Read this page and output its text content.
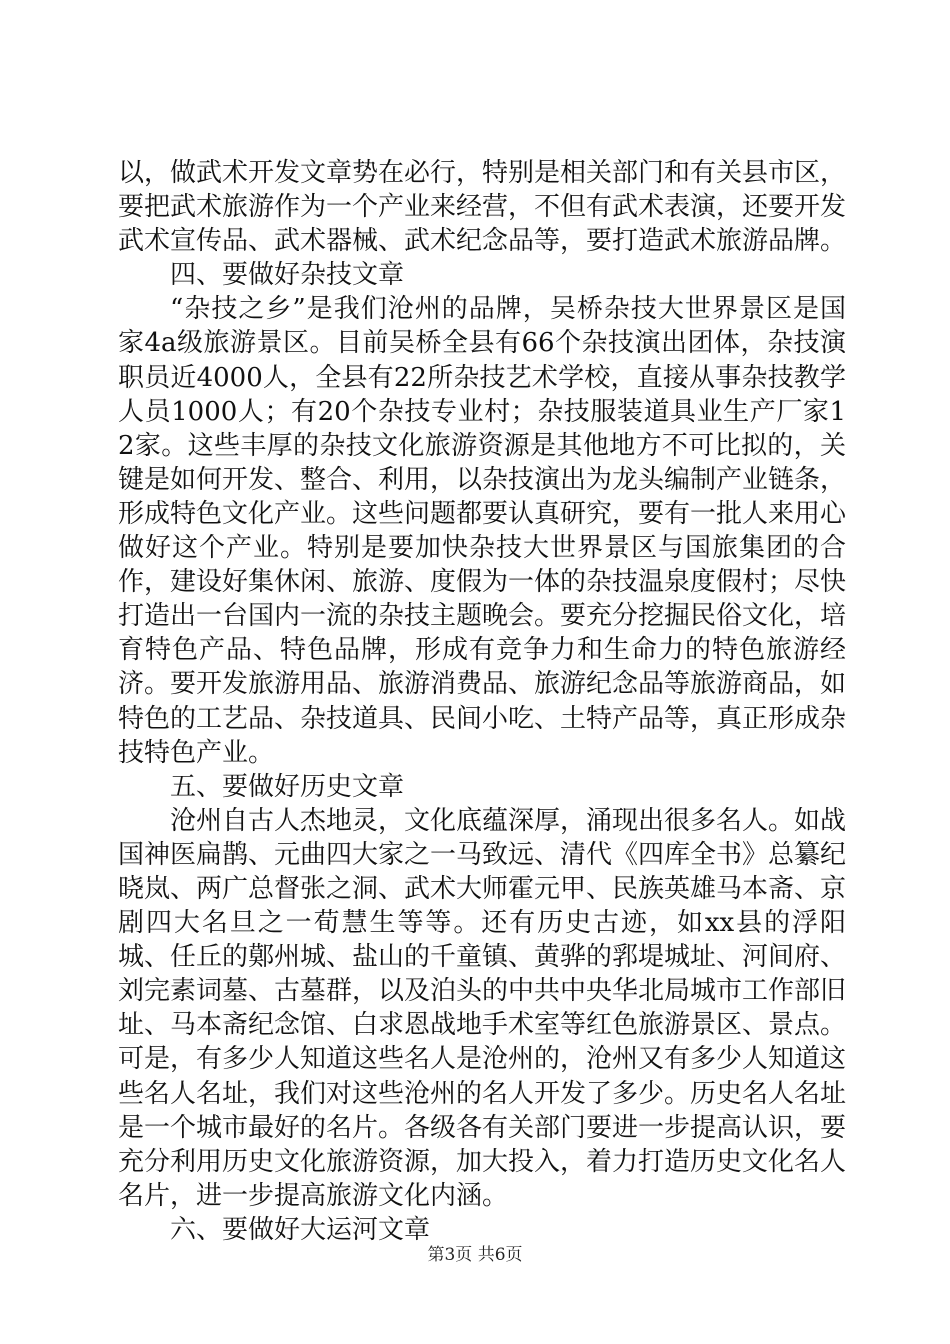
以，做武术开发文章势在必行，特别是相关部门和有关县市区，要把武术旅游作为一个产业来经营，不但有武术表演，还要开发武术宣传品、武术器械、武术纪念品等，要打造武术旅游品牌。

四、要做好杂技文章

“杂技之乡”是我们沧州的品牌，吴桥杂技大世界景区是国家4a级旅游景区。目前吴桥全县有66个杂技演出团体，杂技演职员近4000人，全县有22所杂技艺术学校，直接从事杂技教学人员1000人；有20个杂技专业村；杂技服装道具业生产厂家12家。这些丰厚的杂技文化旅游资源是其他地方不可比拟的，关键是如何开发、整合、利用，以杂技演出为龙头编制产业链条，形成特色文化产业。这些问题都要认真研究，要有一批人来用心做好这个产业。特别是要加快杂技大世界景区与国旅集团的合作，建设好集休闲、旅游、度假为一体的杂技温泉度假村；尽快打造出一台国内一流的杂技主题晚会。要充分挖掘民俗文化，培育特色产品、特色品牌，形成有竞争力和生命力的特色旅游经济。要开发旅游用品、旅游消费品、旅游纪念品等旅游商品，如特色的工艺品、杂技道具、民间小吃、土特产品等，真正形成杂技特色产业。

五、要做好历史文章

沧州自古人杰地灵，文化底蕴深厚，涌现出很多名人。如战国神医扁鹊、元曲四大家之一马致远、清代《四库全书》总纂纪晓岚、两广总督张之洞、武术大师霍元甲、民族英雄马本斋、京剧四大名旦之一荀慧生等等。还有历史古迹，如xx县的浮阳城、任丘的鄚州城、盐山的千童镇、黄骅的郛堤城址、河间府、刘完素词墓、古墓群，以及泊头的中共中央华北局城市工作部旧址、马本斋纪念馆、白求恩战地手术室等红色旅游景区、景点。可是，有多少人知道这些名人是沧州的，沧州又有多少人知道这些名人名址，我们对这些沧州的名人开发了多少。历史名人名址是一个城市最好的名片。各级各有关部门要进一步提高认识，要充分利用历史文化旅游资源，加大投入，着力打造历史文化名人名片，进一步提高旅游文化内涵。

六、要做好大运河文章

第3页 共6页
